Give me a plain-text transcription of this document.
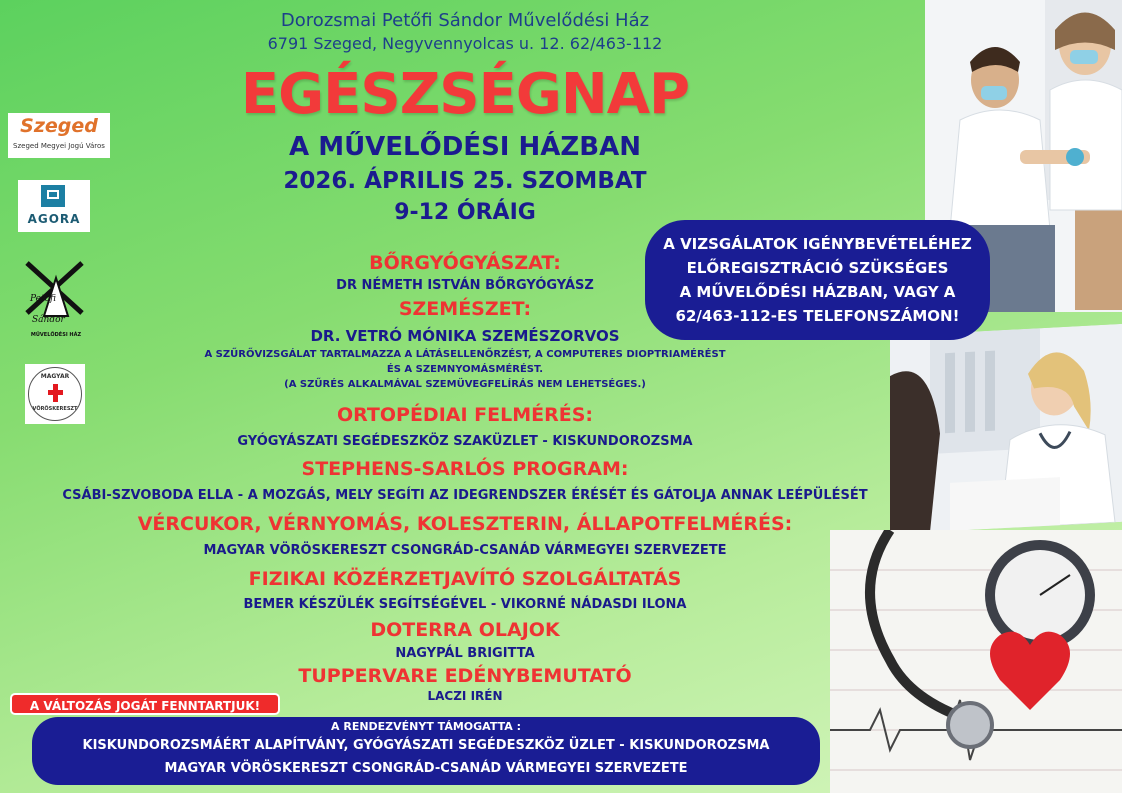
Szeged
Szeged Megyei Jogú Város
AGORA
Petőfi
Sándor
MŰVELŐDÉSI HÁZ
MAGYAR
VÖRÖSKERESZT
Dorozsmai Petőfi Sándor Művelődési Ház
6791 Szeged, Negyvennyolcas u. 12. 62/463-112
EGÉSZSÉGNAP
A MŰVELŐDÉSI HÁZBAN
2026. ÁPRILIS 25. SZOMBAT
9-12 ÓRÁIG
A VIZSGÁLATOK IGÉNYBEVÉTELÉHEZ
ELŐREGISZTRÁCIÓ SZÜKSÉGES
A MŰVELŐDÉSI HÁZBAN, VAGY A
62/463-112-ES TELEFONSZÁMON!
BŐRGYÓGYÁSZAT:
DR NÉMETH ISTVÁN BŐRGYÓGYÁSZ
SZEMÉSZET:
DR. VETRÓ MÓNIKA SZEMÉSZORVOS
A SZŰRŐVIZSGÁLAT TARTALMAZZA A LÁTÁSELLENŐRZÉST, A COMPUTERES DIOPTRIAMÉRÉST
ÉS A SZEMNYOMÁSMÉRÉST.
(A SZŰRÉS ALKALMÁVAL SZEMÜVEGFELÍRÁS NEM LEHETSÉGES.)
ORTOPÉDIAI FELMÉRÉS:
GYÓGYÁSZATI SEGÉDESZKÖZ SZAKÜZLET - KISKUNDOROZSMA
STEPHENS-SARLÓS PROGRAM:
CSÁBI-SZVOBODA ELLA - A MOZGÁS, MELY SEGÍTI AZ IDEGRENDSZER ÉRÉSÉT ÉS GÁTOLJA ANNAK LEÉPÜLÉSÉT
VÉRCUKOR, VÉRNYOMÁS, KOLESZTERIN, ÁLLAPOTFELMÉRÉS:
MAGYAR VÖRÖSKERESZT CSONGRÁD-CSANÁD VÁRMEGYEI SZERVEZETE
FIZIKAI KÖZÉRZETJAVÍTÓ SZOLGÁLTATÁS
BEMER KÉSZÜLÉK SEGÍTSÉGÉVEL - VIKORNÉ NÁDASDI ILONA
DOTERRA OLAJOK
NAGYPÁL BRIGITTA
TUPPERVARE EDÉNYBEMUTATÓ
LACZI IRÉN
A VÁLTOZÁS JOGÁT FENNTARTJUK!
A RENDEZVÉNYT TÁMOGATTA :
KISKUNDOROZSMÁÉRT ALAPÍTVÁNY, GYÓGYÁSZATI SEGÉDESZKÖZ ÜZLET - KISKUNDOROZSMA
MAGYAR VÖRÖSKERESZT CSONGRÁD-CSANÁD VÁRMEGYEI SZERVEZETE
